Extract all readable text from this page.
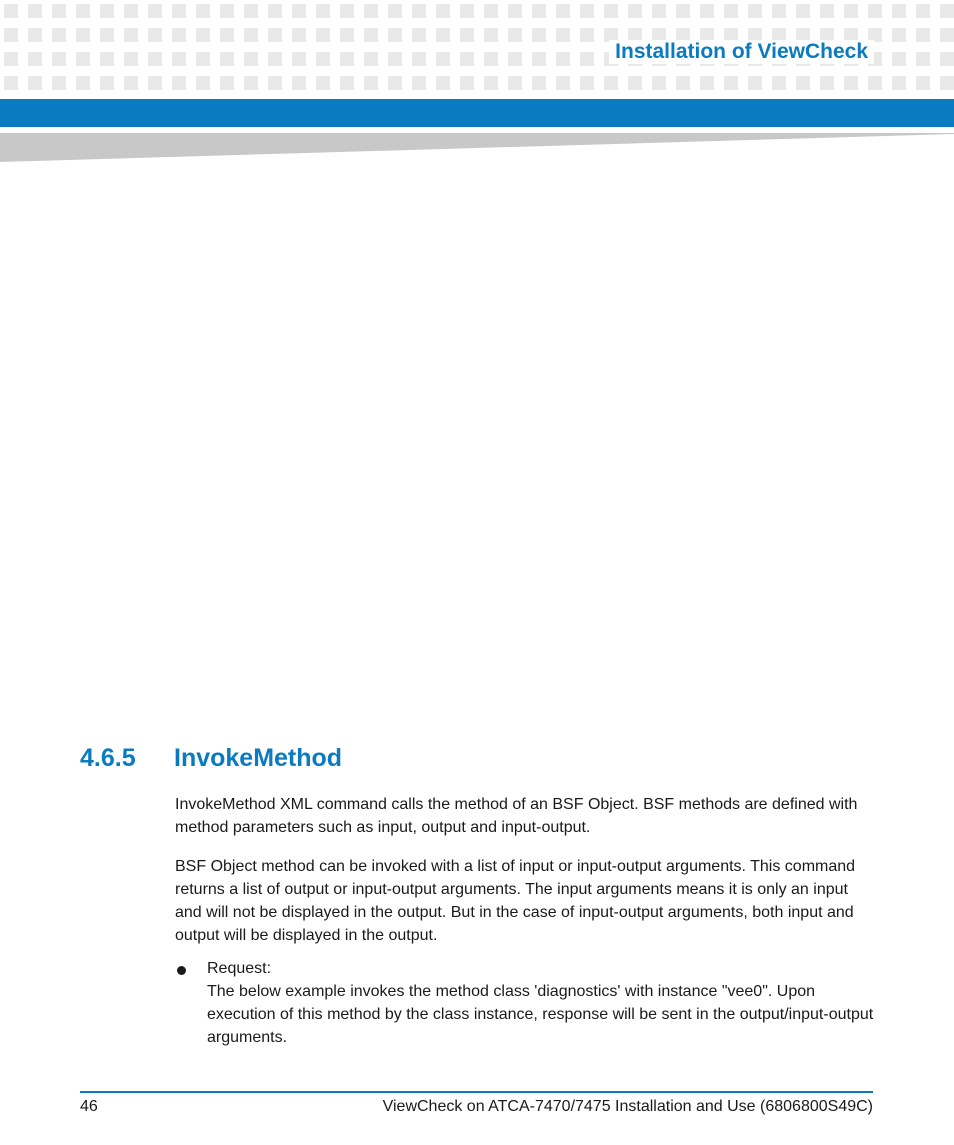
Installation of ViewCheck
4.6.5 InvokeMethod

InvokeMethod XML command calls the method of an BSF Object. BSF methods are defined with method parameters such as input, output and input-output.

BSF Object method can be invoked with a list of input or input-output arguments. This command returns a list of output or input-output arguments. The input arguments means it is only an input and will not be displayed in the output. But in the case of input-output arguments, both input and output will be displayed in the output.

Request:
The below example invokes the method class 'diagnostics' with instance "vee0". Upon execution of this method by the class instance, response will be sent in the output/input-output arguments.
46	ViewCheck on ATCA-7470/7475 Installation and Use (6806800S49C)
